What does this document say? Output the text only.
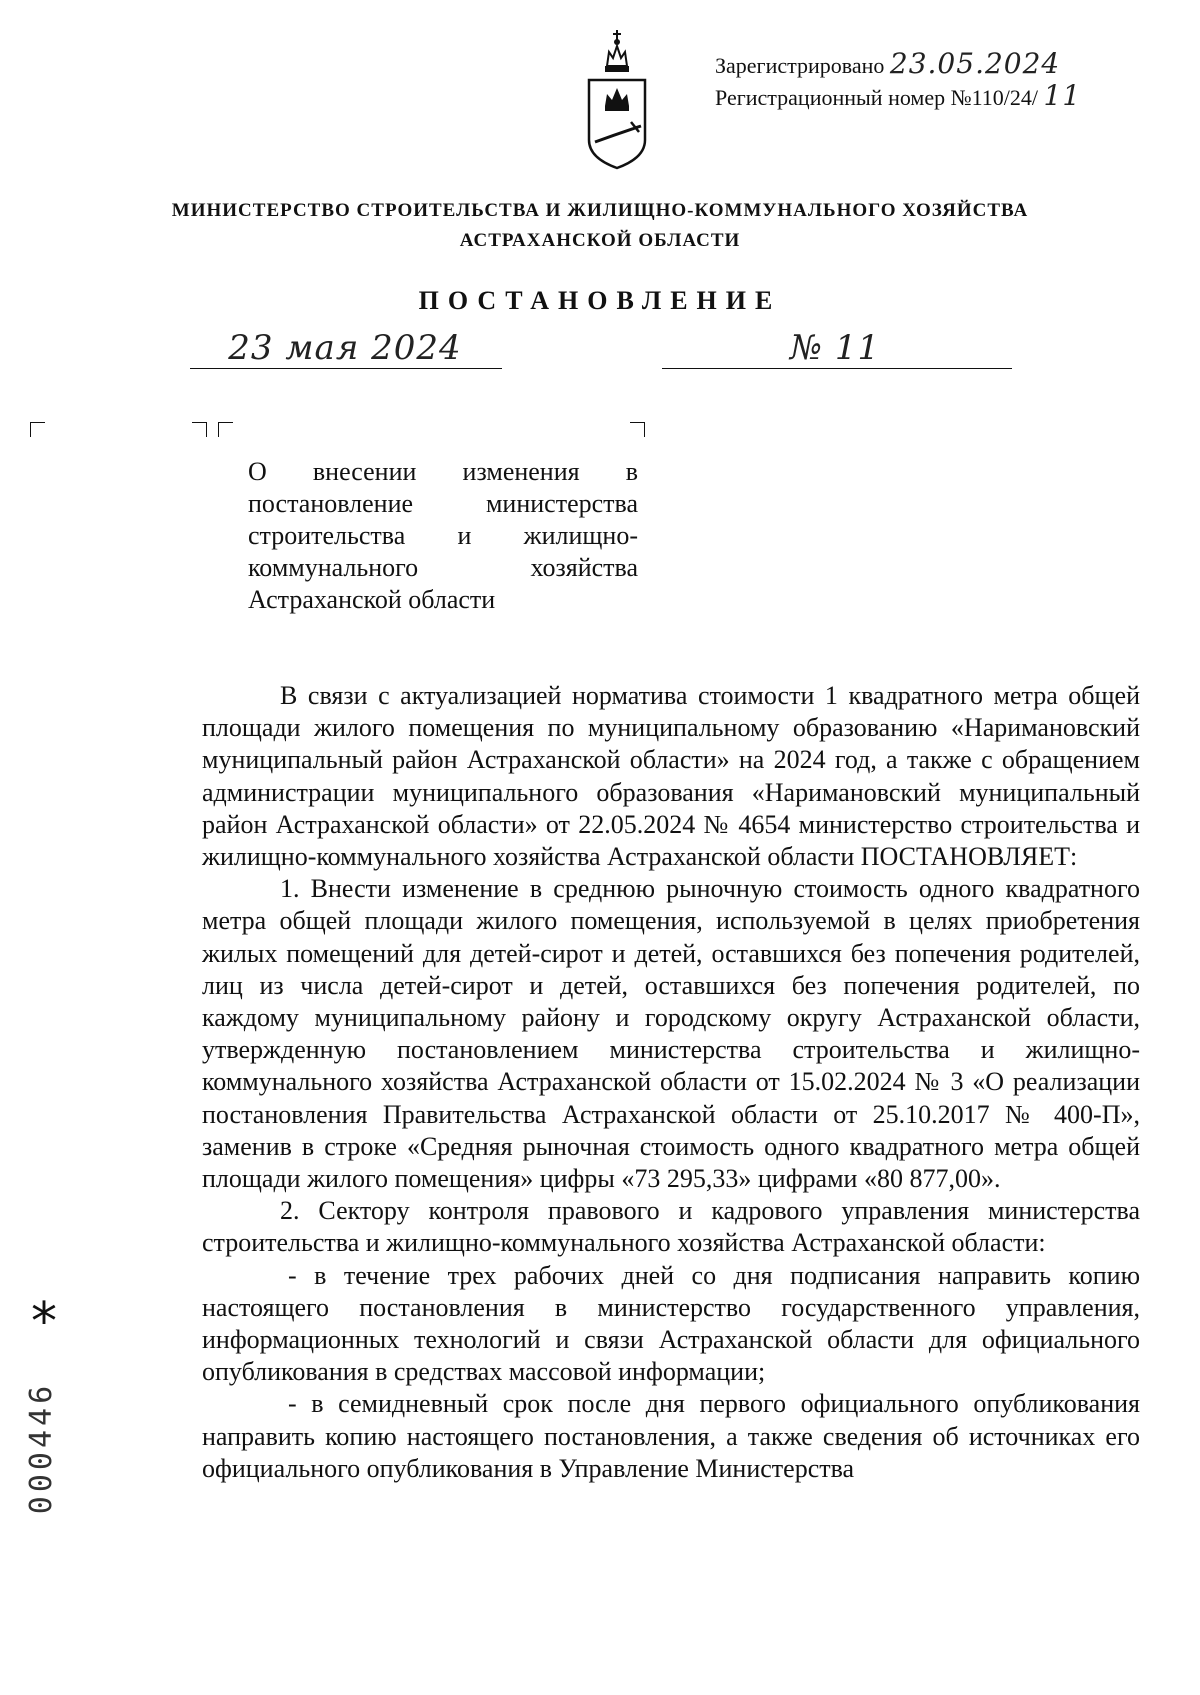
Зарегистрировано 23.05.2024
Регистрационный номер №110/24/ 11
МИНИСТЕРСТВО СТРОИТЕЛЬСТВА И ЖИЛИЩНО-КОММУНАЛЬНОГО ХОЗЯЙСТВА
АСТРАХАНСКОЙ ОБЛАСТИ
ПОСТАНОВЛЕНИЕ
23 мая 2024	№ 11
О внесении изменения в постановление министерства строительства и жилищно-коммунального хозяйства Астраханской области

В связи с актуализацией норматива стоимости 1 квадратного метра общей площади жилого помещения по муниципальному образованию «Наримановский муниципальный район Астраханской области» на 2024 год, а также с обращением администрации муниципального образования «Наримановский муниципальный район Астраханской области» от 22.05.2024 № 4654 министерство строительства и жилищно-коммунального хозяйства Астраханской области ПОСТАНОВЛЯЕТ:

1. Внести изменение в среднюю рыночную стоимость одного квадратного метра общей площади жилого помещения, используемой в целях приобретения жилых помещений для детей-сирот и детей, оставшихся без попечения родителей, лиц из числа детей-сирот и детей, оставшихся без попечения родителей, по каждому муниципальному району и городскому округу Астраханской области, утвержденную постановлением министерства строительства и жилищно-коммунального хозяйства Астраханской области от 15.02.2024 № 3 «О реализации постановления Правительства Астраханской области от 25.10.2017 № 400-П», заменив в строке «Средняя рыночная стоимость одного квадратного метра общей площади жилого помещения» цифры «73 295,33» цифрами «80 877,00».

2. Сектору контроля правового и кадрового управления министерства строительства и жилищно-коммунального хозяйства Астраханской области:

- в течение трех рабочих дней со дня подписания направить копию настоящего постановления в министерство государственного управления, информационных технологий и связи Астраханской области для официального опубликования в средствах массовой информации;

- в семидневный срок после дня первого официального опубликования направить копию настоящего постановления, а также сведения об источниках его официального опубликования в Управление Министерства

*
000446
